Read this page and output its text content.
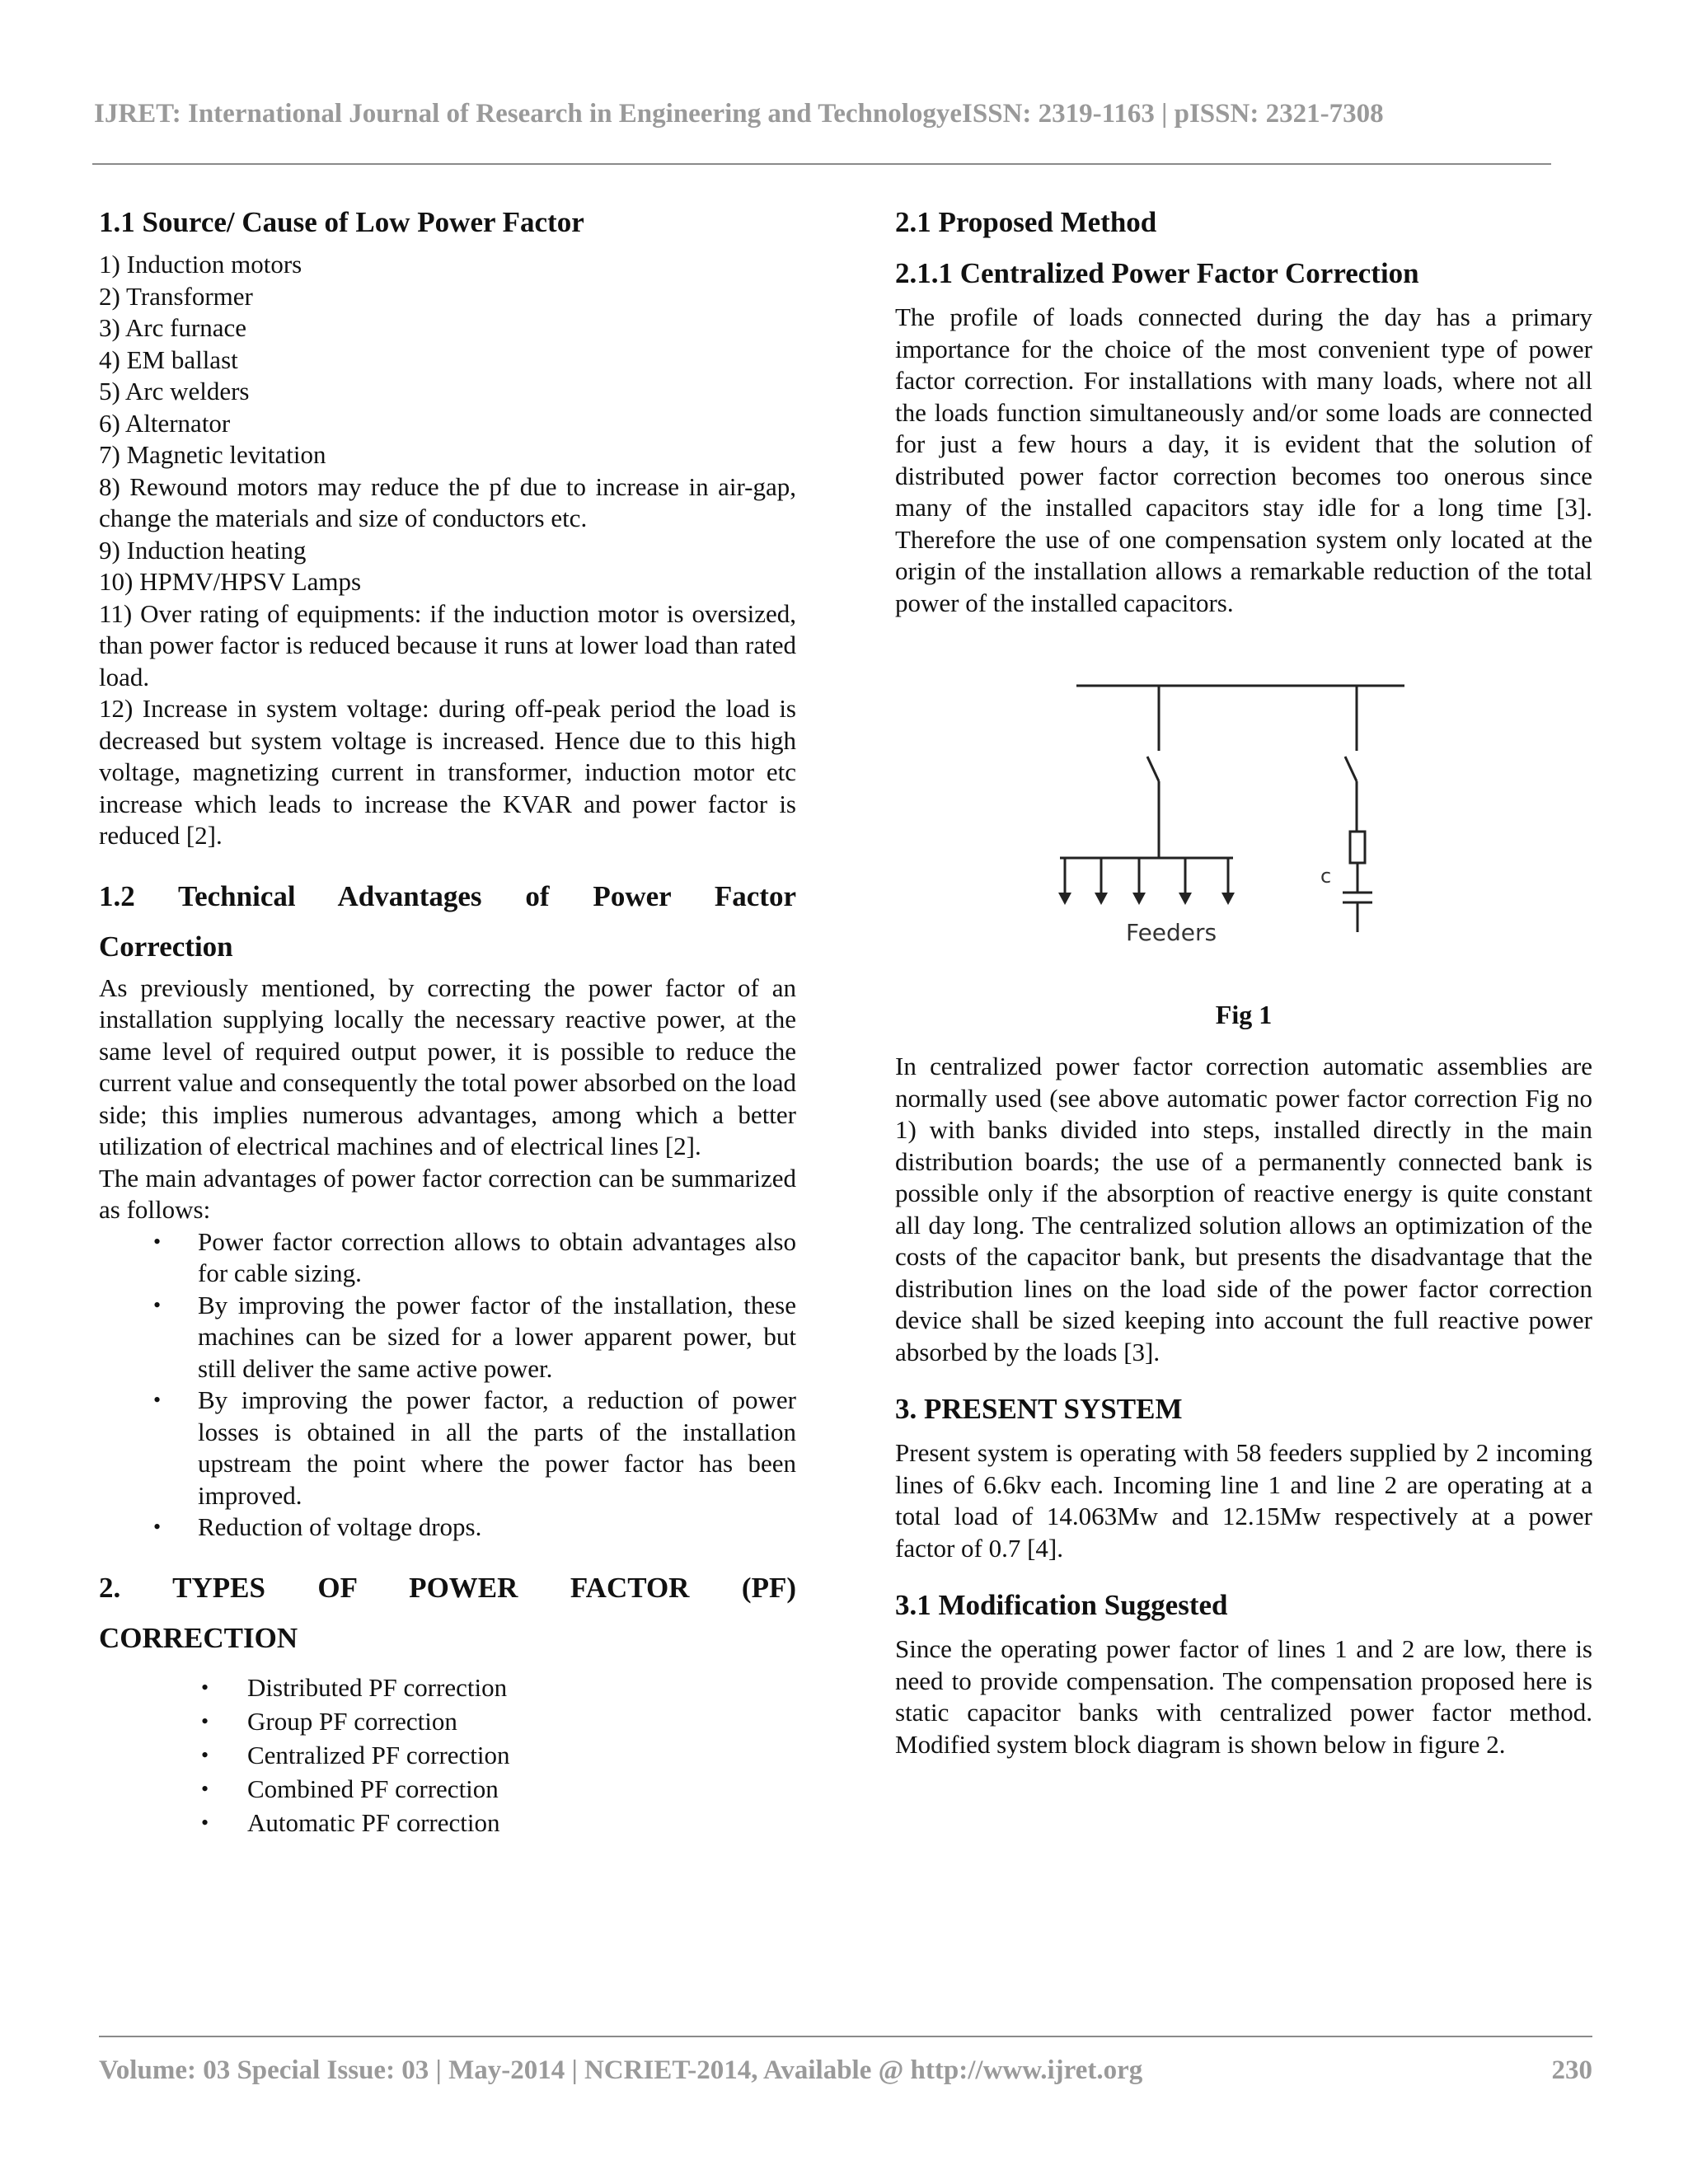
IJRET: International Journal of Research in Engineering and TechnologyeISSN: 2319-1163 | pISSN: 2321-7308
1.1 Source/ Cause of Low Power Factor
1) Induction motors
2) Transformer
3) Arc furnace
4) EM ballast
5) Arc welders
6) Alternator
7) Magnetic levitation
8) Rewound motors may reduce the pf due to increase in air-gap, change the materials and size of conductors etc.
9) Induction heating
10) HPMV/HPSV Lamps
11) Over rating of equipments: if the induction motor is oversized, than power factor is reduced because it runs at lower load than rated load.
12) Increase in system voltage: during off-peak period the load is decreased but system voltage is increased. Hence due to this high voltage, magnetizing current in transformer, induction motor etc increase which leads to increase the KVAR and power factor is reduced [2].
1.2 Technical Advantages of Power Factor
Correction

As previously mentioned, by correcting the power factor of an installation supplying locally the necessary reactive power, at the same level of required output power, it is possible to reduce the current value and consequently the total power absorbed on the load side; this implies numerous advantages, among which a better utilization of electrical machines and of electrical lines [2].

The main advantages of power factor correction can be summarized as follows:

• Power factor correction allows to obtain advantages also for cable sizing.
• By improving the power factor of the installation, these machines can be sized for a lower apparent power, but still deliver the same active power.
• By improving the power factor, a reduction of power losses is obtained in all the parts of the installation upstream the point where the power factor has been improved.
• Reduction of voltage drops.
2. TYPES OF POWER FACTOR (PF)
CORRECTION
• Distributed PF correction
• Group PF correction
• Centralized PF correction
• Combined PF correction
• Automatic PF correction
2.1 Proposed Method
2.1.1 Centralized Power Factor Correction

The profile of loads connected during the day has a primary importance for the choice of the most convenient type of power factor correction. For installations with many loads, where not all the loads function simultaneously and/or some loads are connected for just a few hours a day, it is evident that the solution of distributed power factor correction becomes too onerous since many of the installed capacitors stay idle for a long time [3]. Therefore the use of one compensation system only located at the origin of the installation allows a remarkable reduction of the total power of the installed capacitors.

c
Feeders
Fig 1

In centralized power factor correction automatic assemblies are normally used (see above automatic power factor correction Fig no 1) with banks divided into steps, installed directly in the main distribution boards; the use of a permanently connected bank is possible only if the absorption of reactive energy is quite constant all day long. The centralized solution allows an optimization of the costs of the capacitor bank, but presents the disadvantage that the distribution lines on the load side of the power factor correction device shall be sized keeping into account the full reactive power absorbed by the loads [3].

3. PRESENT SYSTEM

Present system is operating with 58 feeders supplied by 2 incoming lines of 6.6kv each. Incoming line 1 and line 2 are operating at a total load of 14.063Mw and 12.15Mw respectively at a power factor of 0.7 [4].

3.1 Modification Suggested

Since the operating power factor of lines 1 and 2 are low, there is need to provide compensation. The compensation proposed here is static capacitor banks with centralized power factor method. Modified system block diagram is shown below in figure 2.

Volume: 03 Special Issue: 03 | May-2014 | NCRIET-2014, Available @ http://www.ijret.org	230
